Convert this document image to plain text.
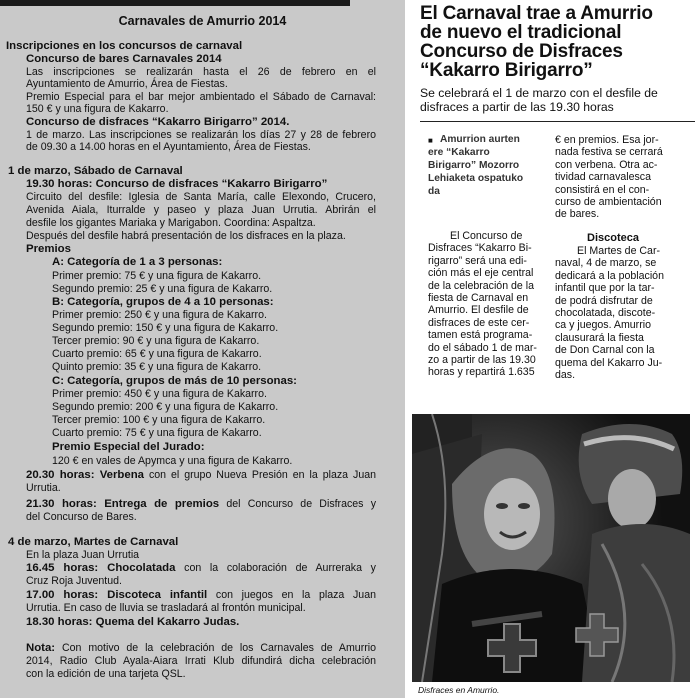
Carnavales de Amurrio 2014
Inscripciones en los concursos de carnaval
Concurso de bares Carnavales 2014
Las inscripciones se realizarán hasta el 26 de febrero en el
Ayuntamiento de Amurrio, Área de Fiestas.
Premio Especial para el bar mejor ambientado el Sábado de Carnaval:
150 € y una figura de Kakarro.
Concurso de disfraces “Kakarro Birigarro” 2014.
1 de marzo. Las inscripciones se realizarán los días 27 y 28 de febrero
de 09.30 a 14.00 horas en el Ayuntamiento, Área de Fiestas.
1 de marzo, Sábado de Carnaval
19.30 horas: Concurso de disfraces “Kakarro Birigarro”
Circuito del desfile: Iglesia de Santa María, calle Elexondo, Crucero,
Avenida Aiala, Iturralde y paseo y plaza Juan Urrutia. Abrirán el
desfile los gigantes Mariaka y Marigabon. Coordina: Aspaltza.
Después del desfile habrá presentación de los disfraces en la plaza.
Premios
A: Categoría de 1 a 3 personas:
Primer premio: 75 € y una figura de Kakarro.
Segundo premio: 25 € y una figura de Kakarro.
B: Categoría, grupos de 4 a 10 personas:
Primer premio: 250 € y una figura de Kakarro.
Segundo premio: 150 € y una figura de Kakarro.
Tercer premio: 90 € y una figura de Kakarro.
Cuarto premio: 65 € y una figura de Kakarro.
Quinto premio: 35 € y una figura de Kakarro.
C: Categoría, grupos de más de 10 personas:
Primer premio: 450 € y una figura de Kakarro.
Segundo premio: 200 € y una figura de Kakarro.
Tercer premio: 100 € y una figura de Kakarro.
Cuarto premio: 75 € y una figura de Kakarro.
Premio Especial del Jurado:
120 € en vales de Apymca y una figura de Kakarro.
20.30 horas: Verbena con el grupo Nueva Presión en la plaza Juan
Urrutia.
21.30 horas: Entrega de premios del Concurso de Disfraces y
del Concurso de Bares.
4 de marzo, Martes de Carnaval
En la plaza Juan Urrutia
16.45 horas: Chocolatada con la colaboración de Aurreraka y
Cruz Roja Juventud.
17.00 horas: Discoteca infantil con juegos en la plaza Juan
Urrutia. En caso de lluvia se trasladará al frontón municipal.
18.30 horas: Quema del Kakarro Judas.
Nota: Con motivo de la celebración de los Carnavales de Amurrio
2014, Radio Club Ayala-Aiara Irrati Klub difundirá dicha celebración
con la edición de una tarjeta QSL.
El Carnaval trae a Amurrio
de nuevo el tradicional
Concurso de Disfraces
“Kakarro Birigarro”
Se celebrará el 1 de marzo con el desfile de
disfraces a partir de las 19.30 horas
■ Amurrion aurten
ere “Kakarro
Birigarro” Mozorro
Lehiaketa ospatuko
da
El Concurso de
Disfraces “Kakarro Bi-
rigarro” será una edi-
ción más el eje central
de la celebración de la
fiesta de Carnaval en
Amurrio. El desfile de
disfraces de este cer-
tamen está programa-
do el sábado 1 de mar-
zo a partir de las 19.30
horas y repartirá 1.635
€ en premios. Esa jor-
nada festiva se cerrará
con verbena. Otra ac-
tividad carnavalesca
consistirá en el con-
curso de ambientación
de bares.
Discoteca
El Martes de Car-
naval, 4 de marzo, se
dedicará a la población
infantil que por la tar-
de podrá disfrutar de
chocolatada, discote-
ca y juegos. Amurrio
clausurará la fiesta
de Don Carnal con la
quema del Kakarro Ju-
das.
Disfraces en Amurrio.
